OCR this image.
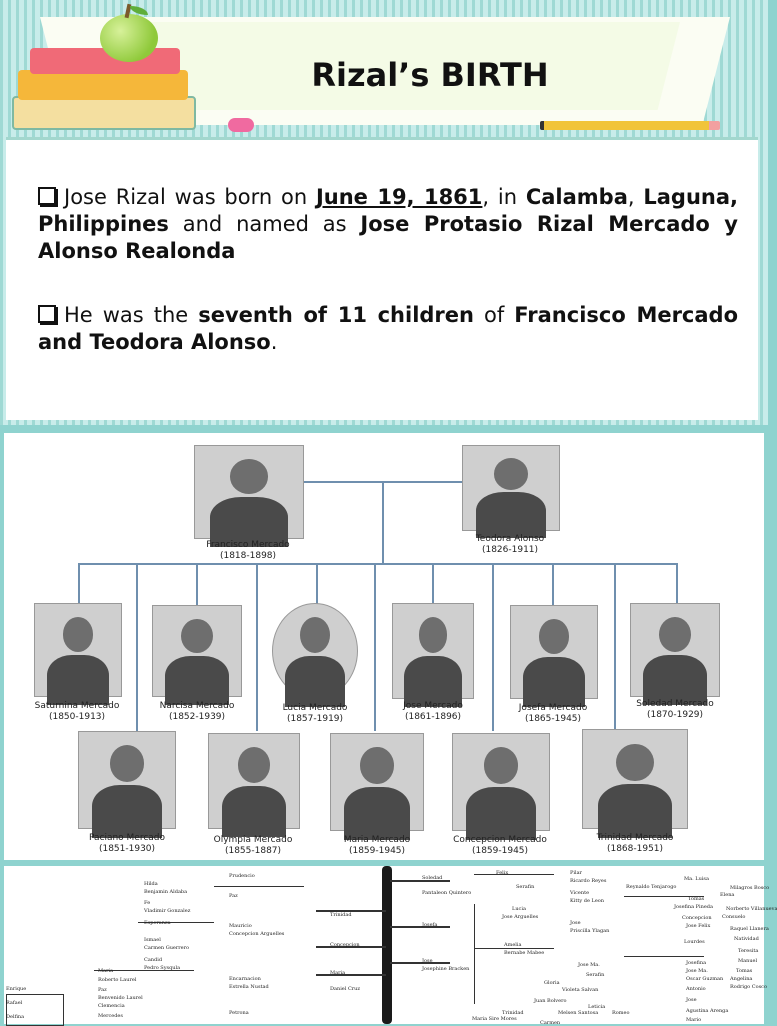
Rizal’s BIRTH
Jose Rizal was born on June 19, 1861, in Calamba, Laguna, Philippines and named as Jose Protasio Rizal Mercado y Alonso Realonda
He was the seventh of 11 children of Francisco Mercado and Teodora Alonso.
Francisco Mercado
(1818-1898)
Teodora Alonso
(1826-1911)
Saturnina Mercado
(1850-1913)
Narcisa Mercado
(1852-1939)
Lucia Mercado
(1857-1919)
Jose Mercado
(1861-1896)
Josefa Mercado
(1865-1945)
Soledad Mercado
(1870-1929)
Paciano Mercado
(1851-1930)
Olympia Mercado
(1855-1887)
Maria Mercado
(1859-1945)
Concepcion Mercado
(1859-1945)
Trinidad Mercado
(1868-1951)
Hilda
Benjamin Aldaba
Fe
Vladimir Gonzalez
Esperanza
Ismael
Carmen Guerrero
Candid
Pedro Sysqula
Prudencio
Paz
Mauricio
Concepcion Arguelles
Encarnacion
Estrella Nustad
Petrona
Maria
Roberto Laurel
Paz
Benvenido Laurel
Clemencia
Mercedes
Enrique
Rafael
Delfina
Trinidad
Concepcion
Maria
Daniel Cruz
Soledad
Pantaleon Quintero
Josefa
Jose
Josephine Bracken
Felix
Serafin
Pilar
Ricardo Reyes
Vicente
Kitty de Leon
Lucia
Jose Arguelles
Jose
Priscilla Ylagan
Amelia
Bernabe Mabee
Jose Ma.
Serafin
Gloria
Violeta Salvan
Juan Bolvero
Leticia
Trinidad	Melsen Santosa
Maria Sire Mores
Carmen
Romeo
Ma. Luisa
Reynaldo Tenjarogo
Tomas
Josefina Pineda
Concepcion
Jose Felix
Lourdes
Josefina
Jose Ma.
Oscar Guzman
Antonio
Jose
Agustina Arenga
Mario
Milagros Bosco
Elena
Norberto Villanueva
Consuelo
Raquel Llanera
Natividad
Teresita
Manuel
Tomas
Angelina
Rodrigo Cosco
